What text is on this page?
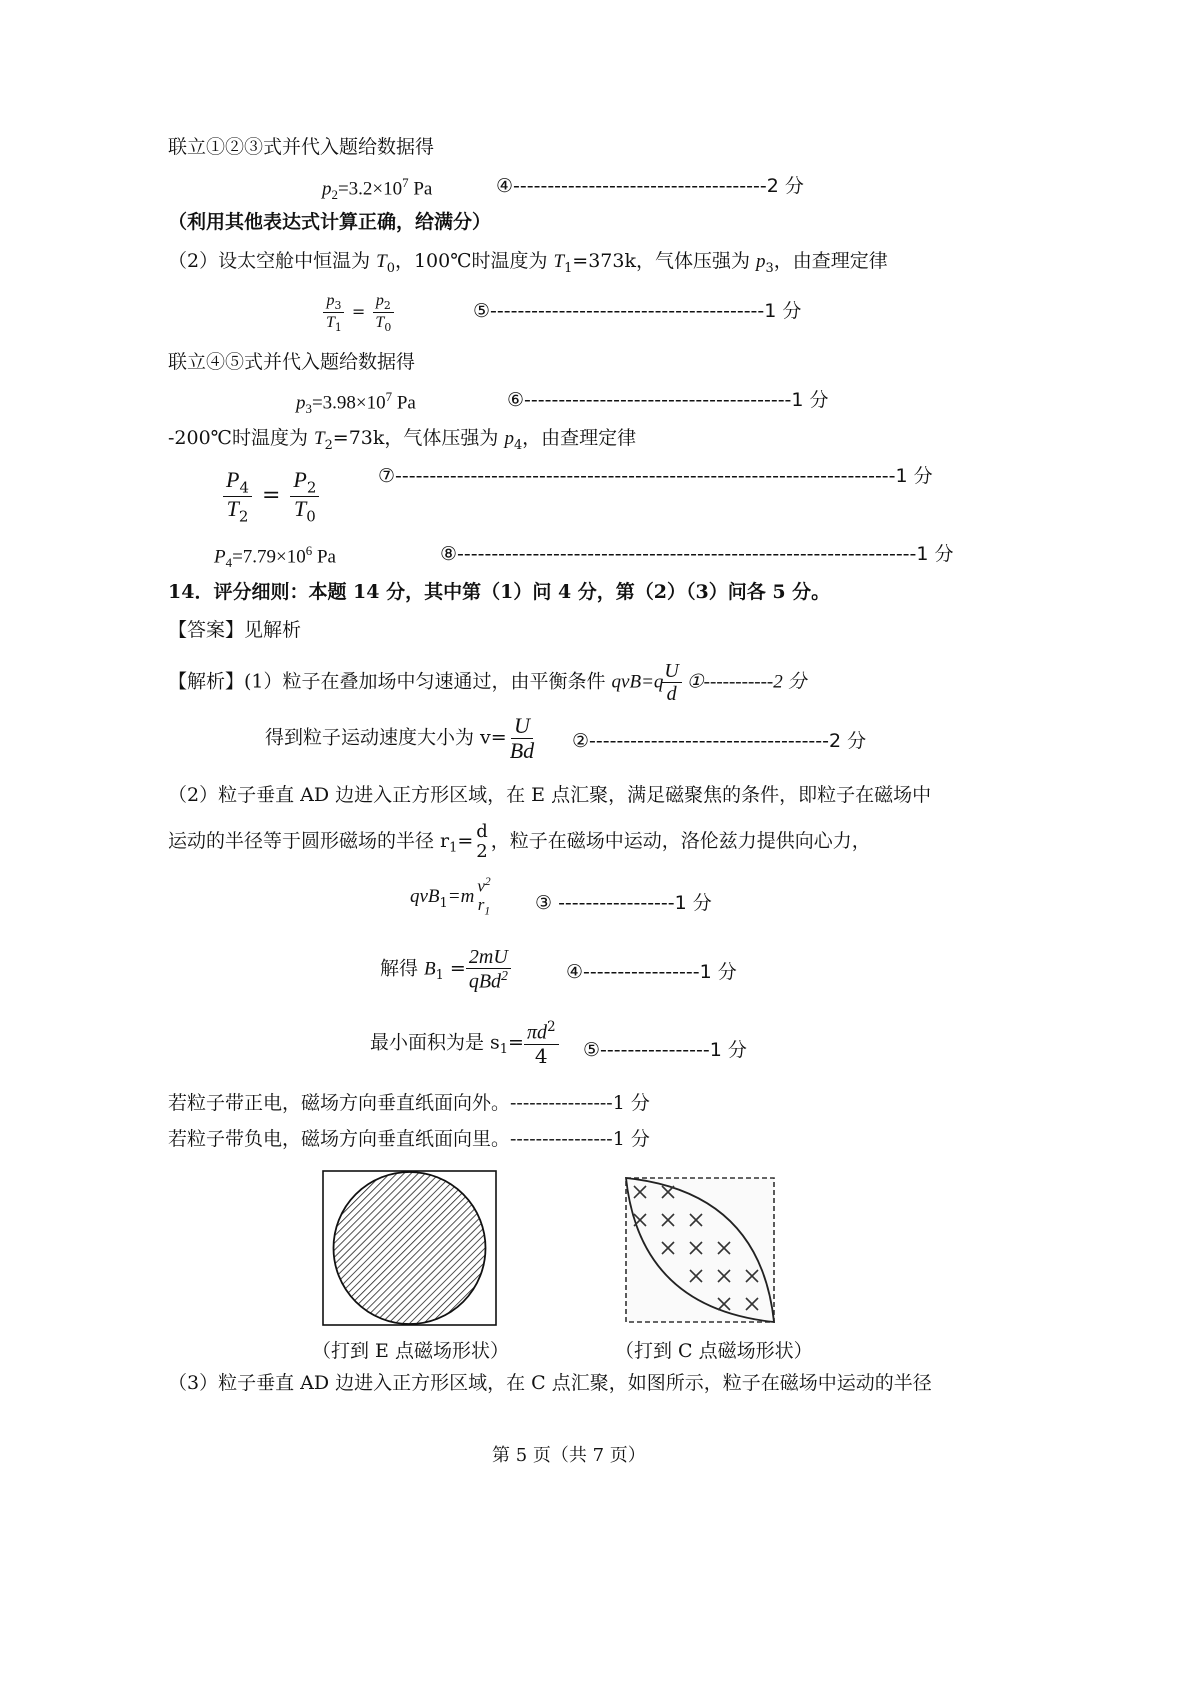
联立①②③式并代入题给数据得
$p_2=3.2\times 10^7$ Pa	④-------------------------------------2 分
（利用其他表达式计算正确，给满分）
（2）设太空舱中恒温为 $T_0$，100℃时温度为 $T_1=373k$，气体压强为 $p_3$，由查理定律
$\frac{p_3}{T_1} = \frac{p_2}{T_0}$	⑤----------------------------------------1 分
联立④⑤式并代入题给数据得
$p_3=3.98\times 10^7$ Pa	⑥---------------------------------------1 分
-200℃时温度为 $T_2=73k$，气体压强为 $p_4$，由查理定律
$\frac{P_4}{T_2} = \frac{P_2}{T_0}$	⑦-------------------------------------------------------------------------1 分
$P_4=7.79\times 10^6$ Pa	⑧-------------------------------------------------------------------1 分
14．评分细则：本题 14 分，其中第（1）问 4 分，第（2）（3）问各 5 分。
【答案】见解析
【解析】(1）粒子在叠加场中匀速通过，由平衡条件 qvB=q
$\frac{U}{d}$ ①-----------2 分
得到粒子运动速度大小为 $v= \frac{U}{Bd}$ ②-----------------------------------2 分
（2）粒子垂直 AD 边进入正方形区域，在 E 点汇聚，满足磁聚焦的条件，即粒子在磁场中
运动的半径等于圆形磁场的半径 $r_1= d$
2 ，粒子在磁场中运动，洛伦兹力提供向心力，
qvB$_1$=m
$v^2$
$r_1$ ③ -----------------1 分
解得 $B_1 = \frac{2mU}{qBd^2}$	④-----------------1 分
最小面积为是 $s_1= \frac{\pi d^2}{4}$ ⑤----------------1 分
若粒子带正电，磁场方向垂直纸面向外。----------------1 分
若粒子带负电，磁场方向垂直纸面向里。----------------1 分
（打到 E 点磁场形状）	（打到 C 点磁场形状）
（3）粒子垂直 AD 边进入正方形区域，在 C 点汇聚，如图所示，粒子在磁场中运动的半径
第 5 页（共 7 页）
